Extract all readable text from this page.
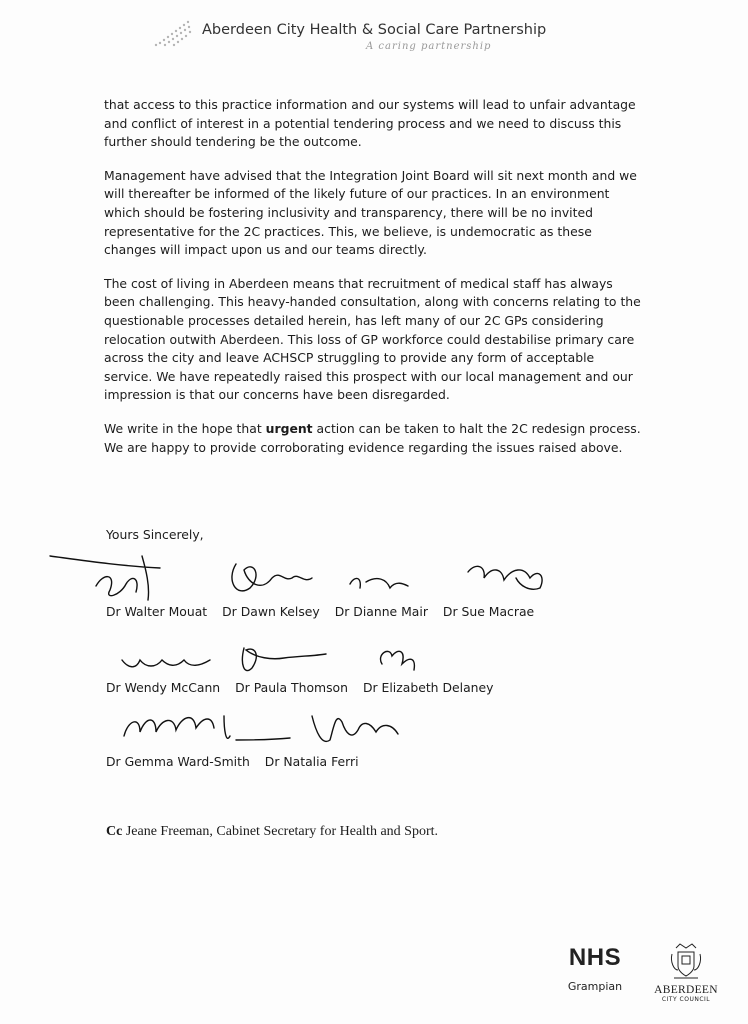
Aberdeen City Health & Social Care Partnership
A caring partnership

that access to this practice information and our systems will lead to unfair advantage and conflict of interest in a potential tendering process and we need to discuss this further should tendering be the outcome.

Management have advised that the Integration Joint Board will sit next month and we will thereafter be informed of the likely future of our practices. In an environment which should be fostering inclusivity and transparency, there will be no invited representative for the 2C practices. This, we believe, is undemocratic as these changes will impact upon us and our teams directly.

The cost of living in Aberdeen means that recruitment of medical staff has always been challenging. This heavy-handed consultation, along with concerns relating to the questionable processes detailed herein, has left many of our 2C GPs considering relocation outwith Aberdeen. This loss of GP workforce could destabilise primary care across the city and leave ACHSCP struggling to provide any form of acceptable service. We have repeatedly raised this prospect with our local management and our impression is that our concerns have been disregarded.

We write in the hope that urgent action can be taken to halt the 2C redesign process. We are happy to provide corroborating evidence regarding the issues raised above.

Yours Sincerely,
Dr Walter Mouat Dr Dawn Kelsey Dr Dianne Mair Dr Sue Macrae
Dr Wendy McCann Dr Paula Thomson Dr Elizabeth Delaney
Dr Gemma Ward-Smith Dr Natalia Ferri
Cc Jeane Freeman, Cabinet Secretary for Health and Sport.
NHS
Grampian	ABERDEEN
CITY COUNCIL
